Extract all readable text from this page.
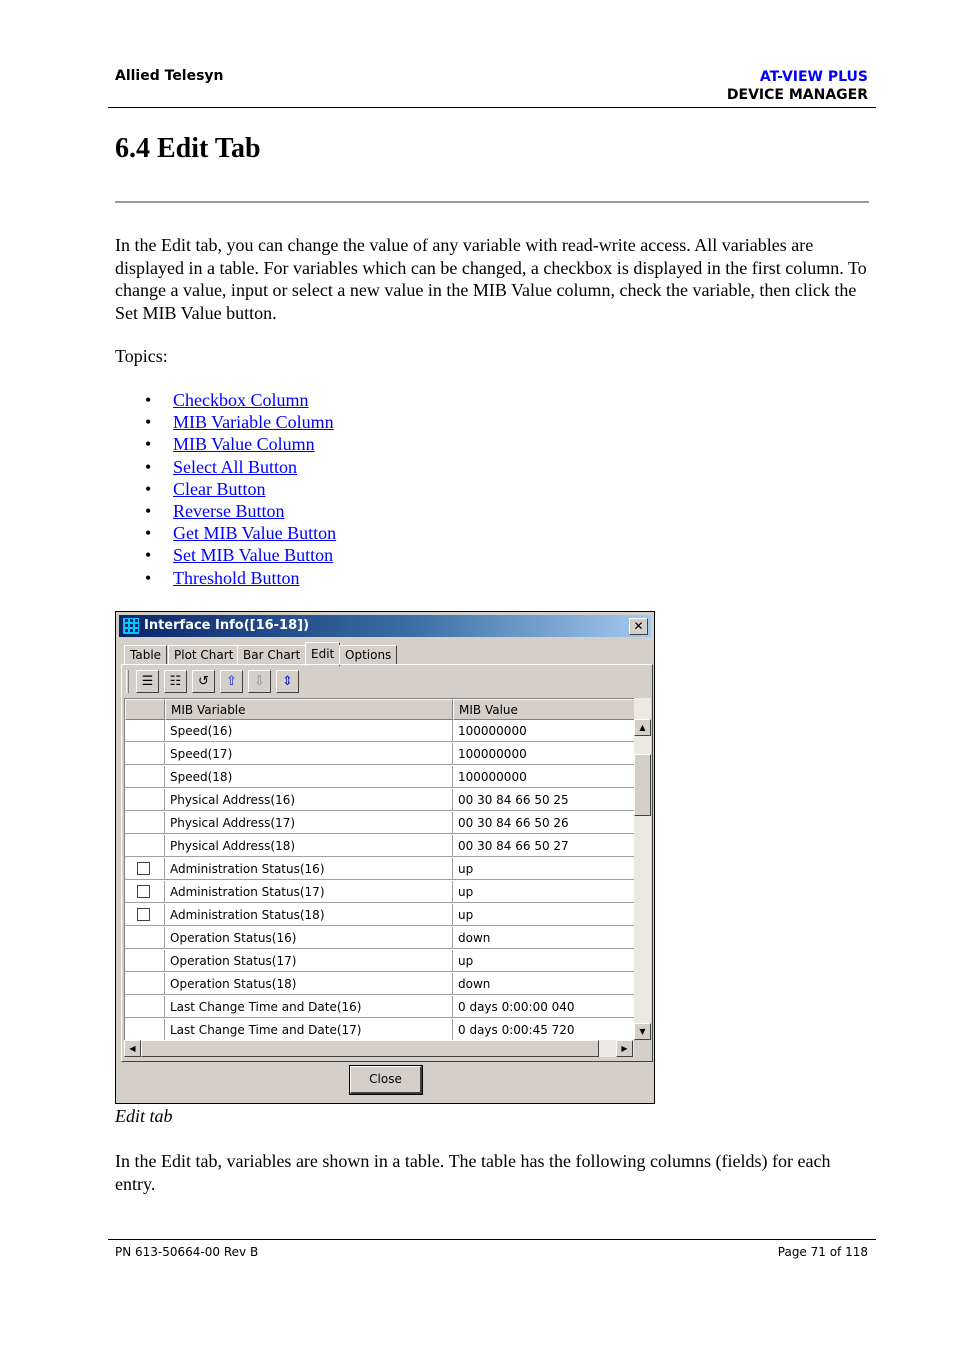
Allied Telesyn	AT-VIEW PLUS
DEVICE MANAGER
6.4 Edit Tab

In the Edit tab, you can change the value of any variable with read-write access. All variables are displayed in a table. For variables which can be changed, a checkbox is displayed in the first column. To change a value, input or select a new value in the MIB Value column, check the variable, then click the Set MIB Value button.

Topics:

• Checkbox Column
• MIB Variable Column
• MIB Value Column
• Select All Button
• Clear Button
• Reverse Button
• Get MIB Value Button
• Set MIB Value Button
• Threshold Button
Interface Info([16-18])	✕
Table	Plot Chart Bar Chart Edit Options
☰	☷	↺	⇧	⇩	⇕
MIB Variable	MIB Value
Speed(16)	100000000
Speed(17)	100000000
Speed(18)	100000000
Physical Address(16)	00 30 84 66 50 25
Physical Address(17)	00 30 84 66 50 26
Physical Address(18)	00 30 84 66 50 27
Administration Status(16)	up
Administration Status(17)	up
Administration Status(18)	up
Operation Status(16)	down
Operation Status(17)	up
Operation Status(18)	down
Last Change Time and Date(16)	0 days 0:00:00 040
Last Change Time and Date(17)	0 days 0:00:45 720
▲
▼
◀	▶
Close
Edit tab

In the Edit tab, variables are shown in a table. The table has the following columns (fields) for each entry.

PN 613-50664-00 Rev B	Page 71 of 118
